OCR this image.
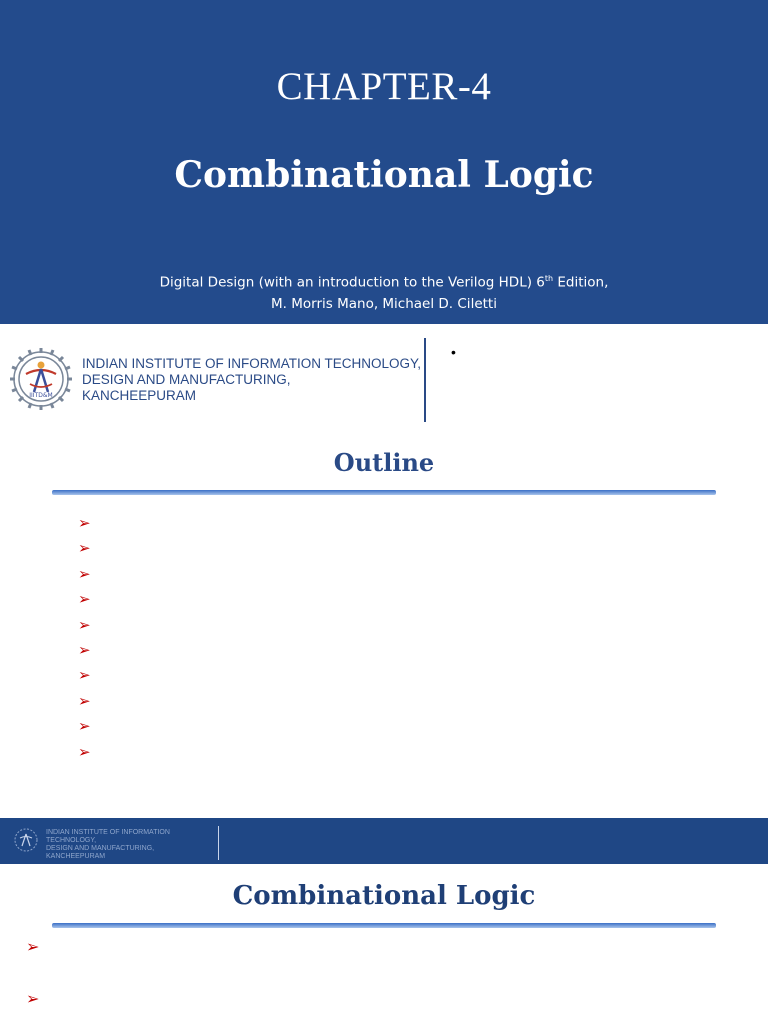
CHAPTER-4
Combinational Logic
Digital Design (with an introduction to the Verilog HDL) 6th Edition,
M. Morris Mano, Michael D. Ciletti
IIITD&M
INDIAN INSTITUTE OF INFORMATION TECHNOLOGY,
DESIGN AND MANUFACTURING,
KANCHEEPURAM
•
Outline
➢
➢
➢
➢
➢
➢
➢
➢
➢
➢
INDIAN INSTITUTE OF INFORMATION TECHNOLOGY,
DESIGN AND MANUFACTURING,
KANCHEEPURAM
Combinational Logic
➢
➢
